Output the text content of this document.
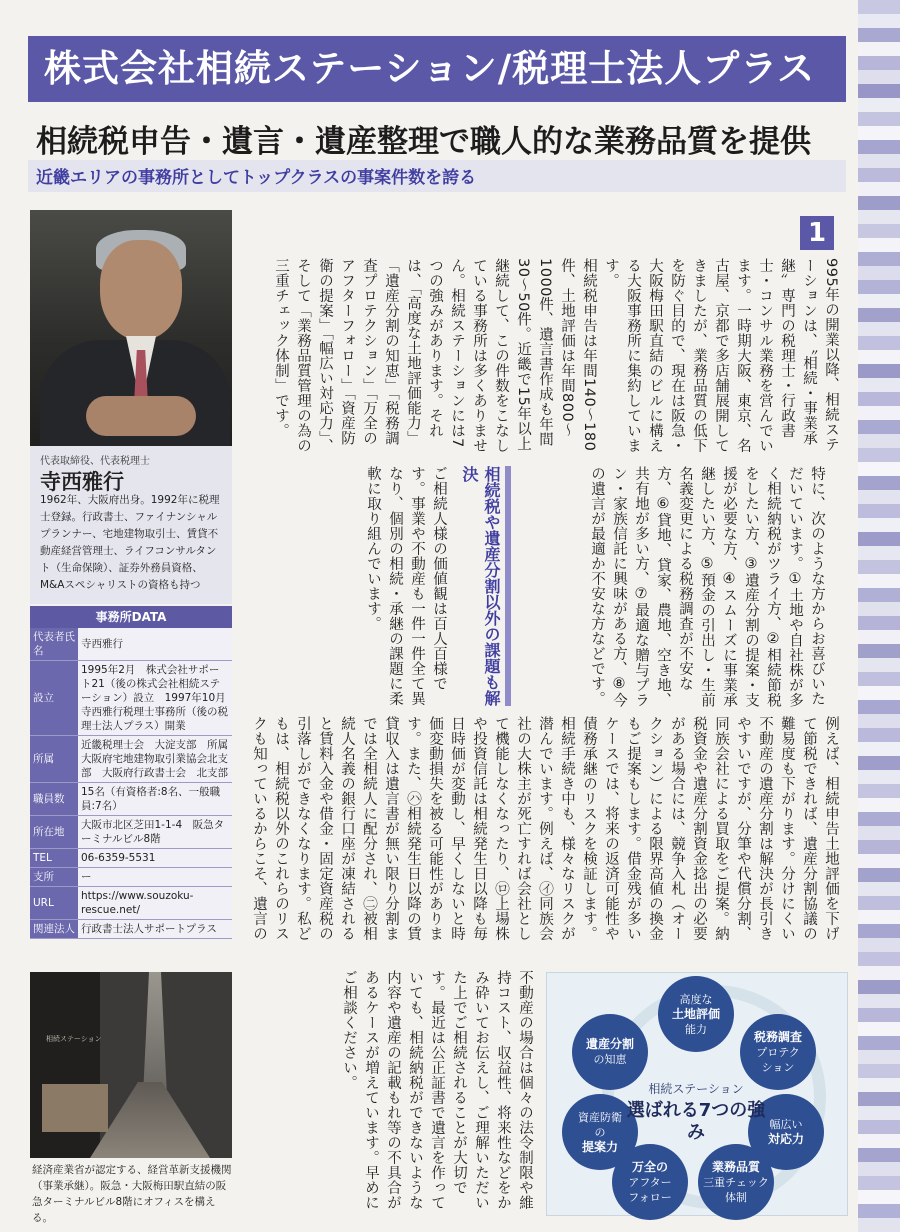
株式会社相続ステーション/税理士法人プラス
相続税申告・遺言・遺産整理で職人的な業務品質を提供
近畿エリアの事務所としてトップクラスの事案件数を誇る
代表取締役、代表税理士
寺西雅行
1962年、大阪府出身。1992年に税理士登録。行政書士、ファイナンシャルプランナー、宅地建物取引士、賃貸不動産経営管理士、ライフコンサルタント（生命保険）、証券外務員資格、M&Aスペシャリストの資格も持つ
事務所DATA
代表者氏名	寺西雅行
設立	1995年2月　株式会社サポート21（後の株式会社相続ステーション）設立　1997年10月　寺西雅行税理士事務所（後の税理士法人プラス）開業
所属	近畿税理士会　大淀支部　所属　大阪府宅地建物取引業協会北支部　大阪府行政書士会　北支部
職員数	15名（有資格者:8名、一般職員:7名）
所在地	大阪市北区芝田1-1-4　阪急ターミナルビル8階
TEL	06-6359-5531
支所	ー
URL	https://www.souzoku-rescue.net/
関連法人	行政書士法人サポートプラス
相続ステーション
経済産業省が認定する、経営革新支援機関（事業承継）。阪急・大阪梅田駅直結の阪急ターミナルビル8階にオフィスを構える。
1

995年の開業以降、相続ステーションは、〝相続・事業承継〟専門の税理士・行政書士・コンサル業務を営んでいます。一時期大阪、東京、名古屋、京都で多店舗展開してきましたが、業務品質の低下を防ぐ目的で、現在は阪急・大阪梅田駅直結のビルに構える大阪事務所に集約しています。

相続税申告は年間140〜180件、土地評価は年間800〜1000件、遺言書作成も年間30〜50件。近畿で15年以上継続して、この件数をこなしている事務所は多くありません。相続ステーションには7つの強みがあります。それは、「高度な土地評価能力」「遺産分割の知恵」「税務調査プロテクション」「万全のアフターフォロー」「資産防衛の提案」「幅広い対応力」、そして「業務品質管理の為の三重チェック体制」です。

特に、次のような方からお喜びいただいています。①土地や自社株が多く相続納税がツライ方、②相続節税をしたい方、③遺産分割の提案・支援が必要な方、④スムーズに事業承継したい方、⑤預金の引出し・生前名義変更による税務調査が不安な方、⑥貸地、貸家、農地、空き地、共有地が多い方、⑦最適な贈与プラン・家族信託に興味がある方、⑧今の遺言が最適か不安な方などです。

相続税や遺産分割以外の課題も解決

ご相続人様の価値観は百人百様です。事業や不動産も一件一件全て異なり、個別の相続・承継の課題に柔軟に取り組んでいます。

例えば、相続申告土地評価を下げて節税できれば、遺産分割協議の難易度も下がります。分けにくい不動産の遺産分割は解決が長引きやすいですが、分筆や代償分割、同族会社による買取をご提案。納税資金や遺産分割資金捻出の必要がある場合には、競争入札（オークション）による限界高値の換金もご提案もします。借金残が多いケースでは、将来の返済可能性や債務承継のリスクを検証します。

相続手続き中も、様々なリスクが潜んでいます。例えば、㋑同族会社の大株主が死亡すれば会社として機能しなくなったり、㋺上場株や投資信託は相続発生日以降も毎日時価が変動し、早くしないと時価変動損失を被る可能性があります。また、㋩相続発生日以降の賃貸収入は遺言書が無い限り分割までは全相続人に配分され、㊁被相続人名義の銀行口座が凍結されると賃料入金や借金・固定資産税の引落しができなくなります。私どもは、相続税以外のこれらのリスクも知っているからこそ、遺言の

不動産の場合は個々の法令制限や維持コスト、収益性、将来性などをかみ砕いてお伝えし、ご理解いただいた上でご相続されることが大切です。最近は公正証書で遺言を作っていても、相続納税ができないような内容や遺産の記載もれ等の不具合があるケースが増えています。早めにご相談ください。	高度な
土地評価
能力
税務調査
プロテク
ション
幅広い
対応力
業務品質
三重チェック
体制
万全の
アフター
フォロー
資産防衛
の
提案力
遺産分割
の知恵
相続ステーション
選ばれる7つの強み
